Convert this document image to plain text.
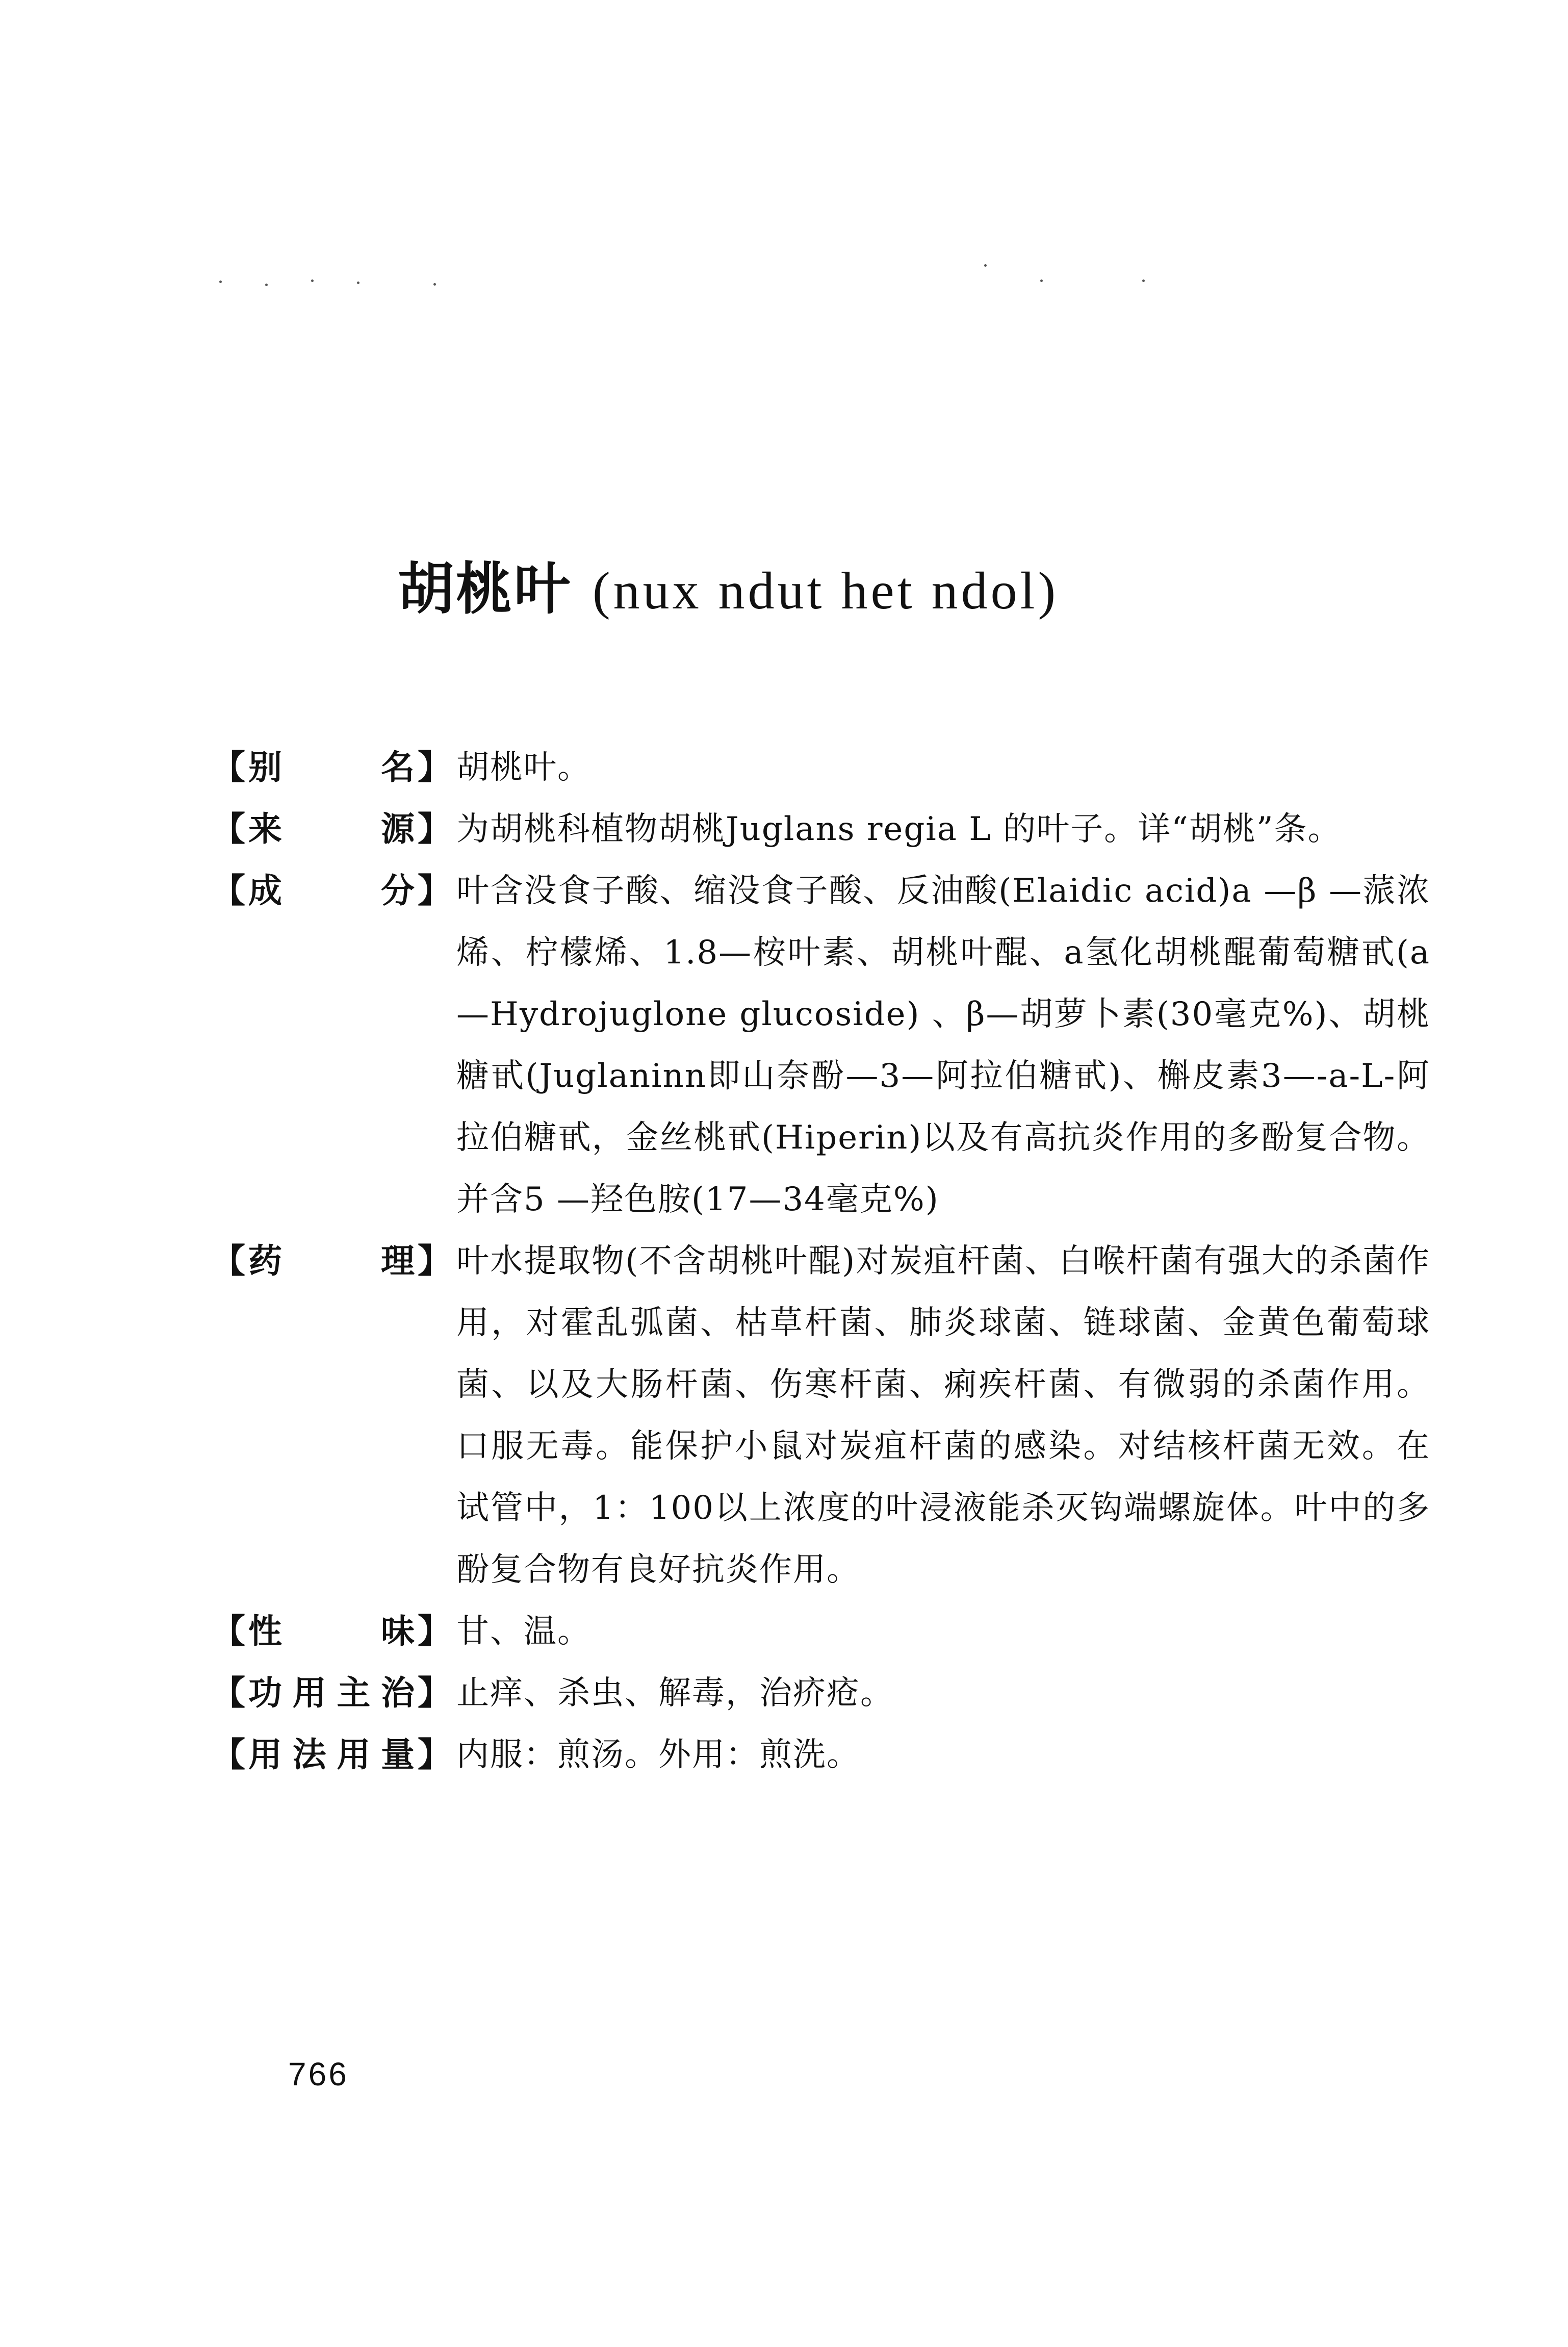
胡桃叶 (nux ndut het ndol)
【 别	名 】 胡桃叶。
【 来	源 】 为胡桃科植物胡桃Juglans regia L 的叶子。详“胡桃”条。
【 成	分 】 叶含没食子酸、缩没食子酸、反油酸(Elaidic acid)a —β —蒎浓烯、柠檬烯、1.8—桉叶素、胡桃叶醌、a氢化胡桃醌葡萄糖甙(a—Hydrojuglone glucoside) 、β—胡萝卜素(30毫克%)、胡桃糖甙(Juglaninn即山奈酚—3—阿拉伯糖甙)、槲皮素3—-a-L-阿拉伯糖甙，金丝桃甙(Hiperin)以及有高抗炎作用的多酚复合物。并含5 —羟色胺(17—34毫克%)
【 药	理 】 叶水提取物(不含胡桃叶醌)对炭疽杆菌、白喉杆菌有强大的杀菌作用，对霍乱弧菌、枯草杆菌、肺炎球菌、链球菌、金黄色葡萄球菌、以及大肠杆菌、伤寒杆菌、痢疾杆菌、有微弱的杀菌作用。口服无毒。能保护小鼠对炭疽杆菌的感染。对结核杆菌无效。在试管中，1：100以上浓度的叶浸液能杀灭钩端螺旋体。叶中的多酚复合物有良好抗炎作用。
【 性	味 】 甘、温。
【 功 用 主 治 】 止痒、杀虫、解毒，治疥疮。
【 用 法 用 量 】 内服：煎汤。外用：煎洗。
766
